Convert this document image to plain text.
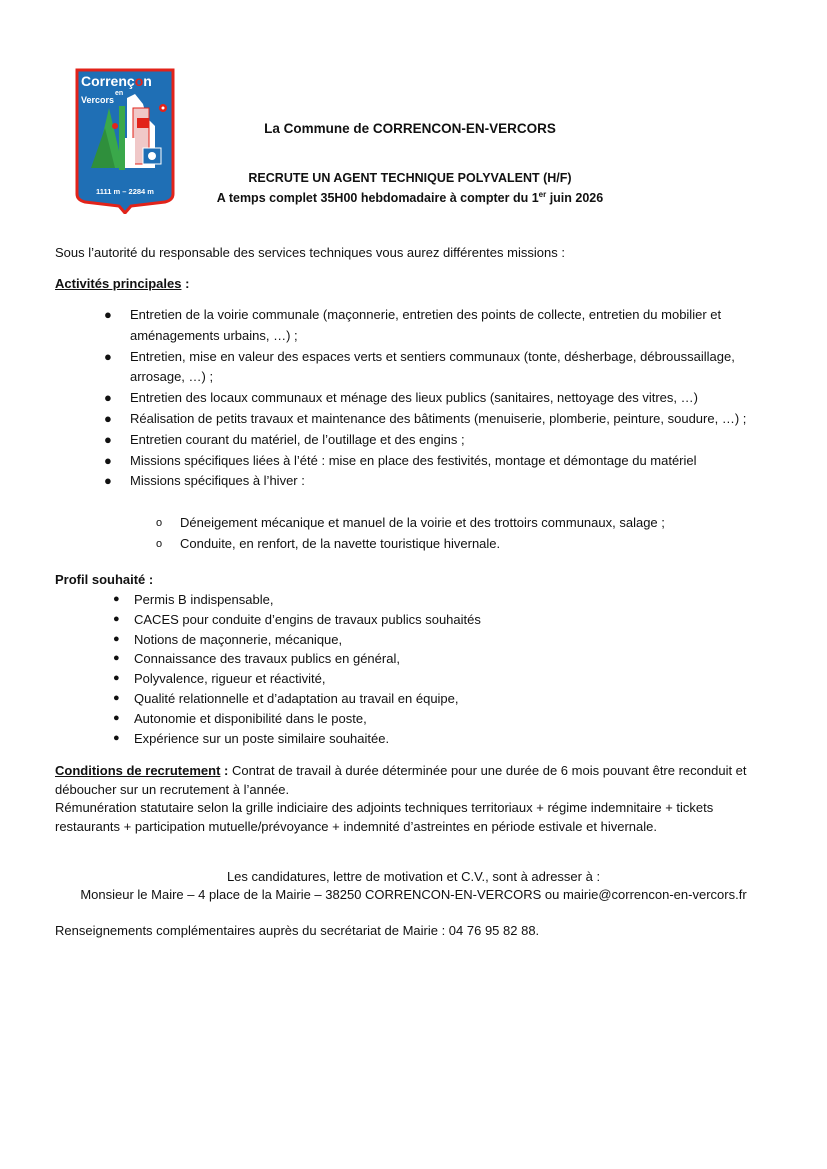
Corrençon
en
Vercors
1111 m – 2284 m
La Commune de CORRENCON-EN-VERCORS
RECRUTE UN AGENT TECHNIQUE POLYVALENT (H/F)
A temps complet 35H00 hebdomadaire à compter du 1er juin 2026
Sous l’autorité du responsable des services techniques vous aurez différentes missions :
Activités principales :
● Entretien de la voirie communale (maçonnerie, entretien des points de collecte, entretien du mobilier et aménagements urbains, …) ;
● Entretien, mise en valeur des espaces verts et sentiers communaux (tonte, désherbage, débroussaillage, arrosage, …) ;
● Entretien des locaux communaux et ménage des lieux publics (sanitaires, nettoyage des vitres, …)
● Réalisation de petits travaux et maintenance des bâtiments (menuiserie, plomberie, peinture, soudure, …) ;
● Entretien courant du matériel, de l’outillage et des engins ;
● Missions spécifiques liées à l’été : mise en place des festivités, montage et démontage du matériel
● Missions spécifiques à l’hiver :
o Déneigement mécanique et manuel de la voirie et des trottoirs communaux, salage ;
o Conduite, en renfort, de la navette touristique hivernale.
Profil souhaité :
● Permis B indispensable,
● CACES pour conduite d’engins de travaux publics souhaités
● Notions de maçonnerie, mécanique,
● Connaissance des travaux publics en général,
● Polyvalence, rigueur et réactivité,
● Qualité relationnelle et d’adaptation au travail en équipe,
● Autonomie et disponibilité dans le poste,
● Expérience sur un poste similaire souhaitée.
Conditions de recrutement : Contrat de travail à durée déterminée pour une durée de 6 mois pouvant être reconduit et déboucher sur un recrutement à l’année.
Rémunération statutaire selon la grille indiciaire des adjoints techniques territoriaux + régime indemnitaire + tickets restaurants + participation mutuelle/prévoyance + indemnité d’astreintes en période estivale et hivernale.
Les candidatures, lettre de motivation et C.V., sont à adresser à :
Monsieur le Maire – 4 place de la Mairie – 38250 CORRENCON-EN-VERCORS ou mairie@correncon-en-vercors.fr
Renseignements complémentaires auprès du secrétariat de Mairie : 04 76 95 82 88.
